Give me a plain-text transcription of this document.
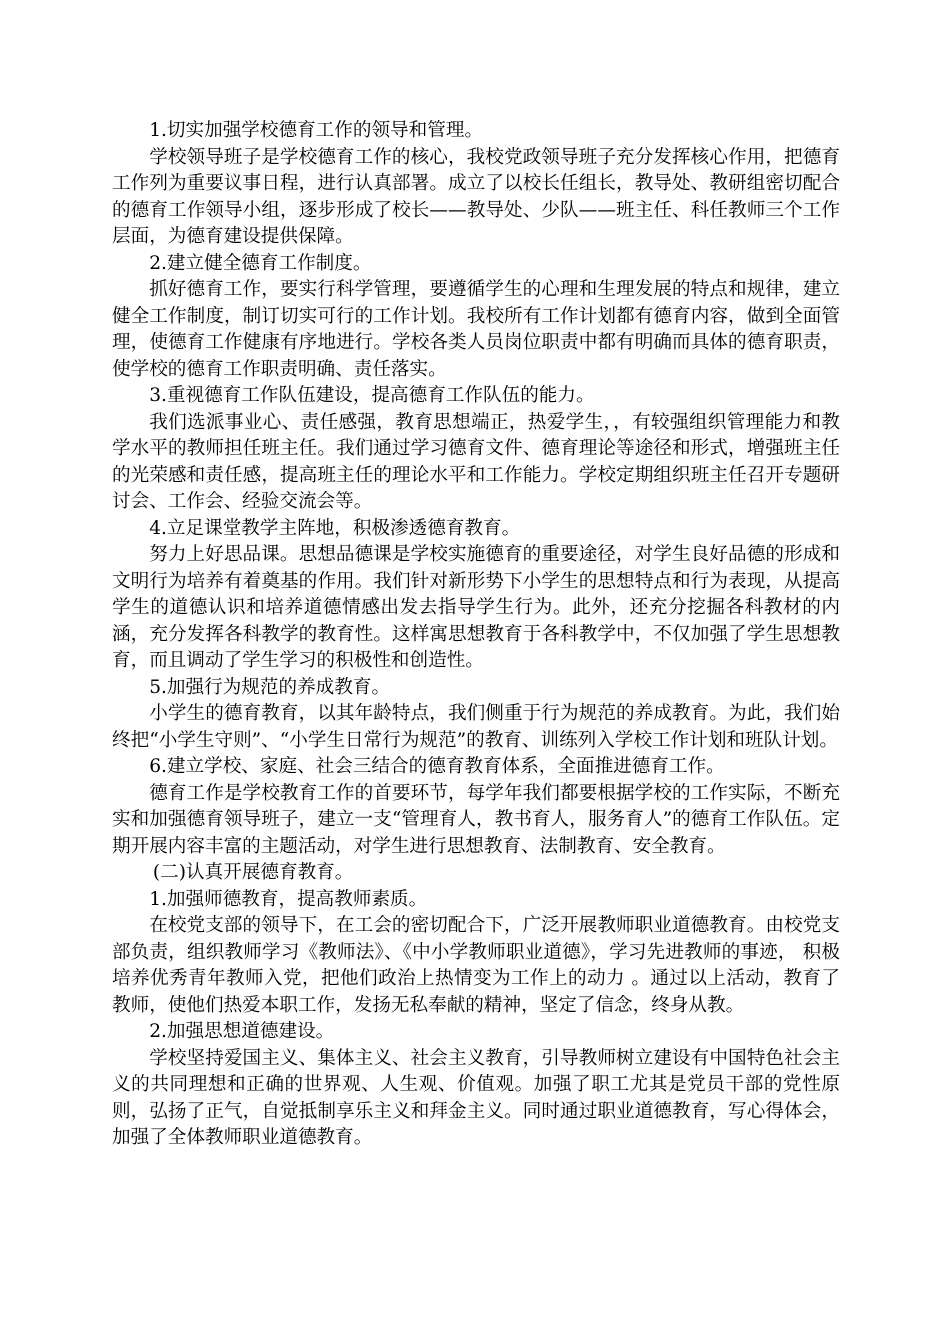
1.切实加强学校德育工作的领导和管理。

学校领导班子是学校德育工作的核心，我校党政领导班子充分发挥核心作用，把德育工作列为重要议事日程，进行认真部署。成立了以校长任组长，教导处、教研组密切配合的德育工作领导小组，逐步形成了校长——教导处、少队——班主任、科任教师三个工作层面，为德育建设提供保障。

2.建立健全德育工作制度。

抓好德育工作，要实行科学管理，要遵循学生的心理和生理发展的特点和规律，建立健全工作制度，制订切实可行的工作计划。我校所有工作计划都有德育内容，做到全面管理，使德育工作健康有序地进行。学校各类人员岗位职责中都有明确而具体的德育职责，使学校的德育工作职责明确、责任落实。

3.重视德育工作队伍建设，提高德育工作队伍的能力。

我们选派事业心、责任感强，教育思想端正，热爱学生，，有较强组织管理能力和教学水平的教师担任班主任。我们通过学习德育文件、德育理论等途径和形式，增强班主任的光荣感和责任感，提高班主任的理论水平和工作能力。学校定期组织班主任召开专题研讨会、工作会、经验交流会等。

4.立足课堂教学主阵地，积极渗透德育教育。

努力上好思品课。思想品德课是学校实施德育的重要途径，对学生良好品德的形成和文明行为培养有着奠基的作用。我们针对新形势下小学生的思想特点和行为表现，从提高学生的道德认识和培养道德情感出发去指导学生行为。此外，还充分挖掘各科教材的内涵，充分发挥各科教学的教育性。这样寓思想教育于各科教学中，不仅加强了学生思想教育，而且调动了学生学习的积极性和创造性。

5.加强行为规范的养成教育。

小学生的德育教育，以其年龄特点，我们侧重于行为规范的养成教育。为此，我们始终把“小学生守则”、“小学生日常行为规范”的教育、训练列入学校工作计划和班队计划。

6.建立学校、家庭、社会三结合的德育教育体系，全面推进德育工作。

德育工作是学校教育工作的首要环节，每学年我们都要根据学校的工作实际，不断充实和加强德育领导班子，建立一支“管理育人，教书育人，服务育人”的德育工作队伍。定期开展内容丰富的主题活动，对学生进行思想教育、法制教育、安全教育。

(二)认真开展德育教育。

1.加强师德教育，提高教师素质。

在校党支部的领导下，在工会的密切配合下，广泛开展教师职业道德教育。由校党支部负责，组织教师学习《教师法》、《中小学教师职业道德》，学习先进教师的事迹， 积极培养优秀青年教师入党，把他们政治上热情变为工作上的动力 。通过以上活动，教育了教师，使他们热爱本职工作，发扬无私奉献的精神，坚定了信念，终身从教。

2.加强思想道德建设。

学校坚持爱国主义、集体主义、社会主义教育，引导教师树立建设有中国特色社会主义的共同理想和正确的世界观、人生观、价值观。加强了职工尤其是党员干部的党性原则，弘扬了正气，自觉抵制享乐主义和拜金主义。同时通过职业道德教育，写心得体会，加强了全体教师职业道德教育。
